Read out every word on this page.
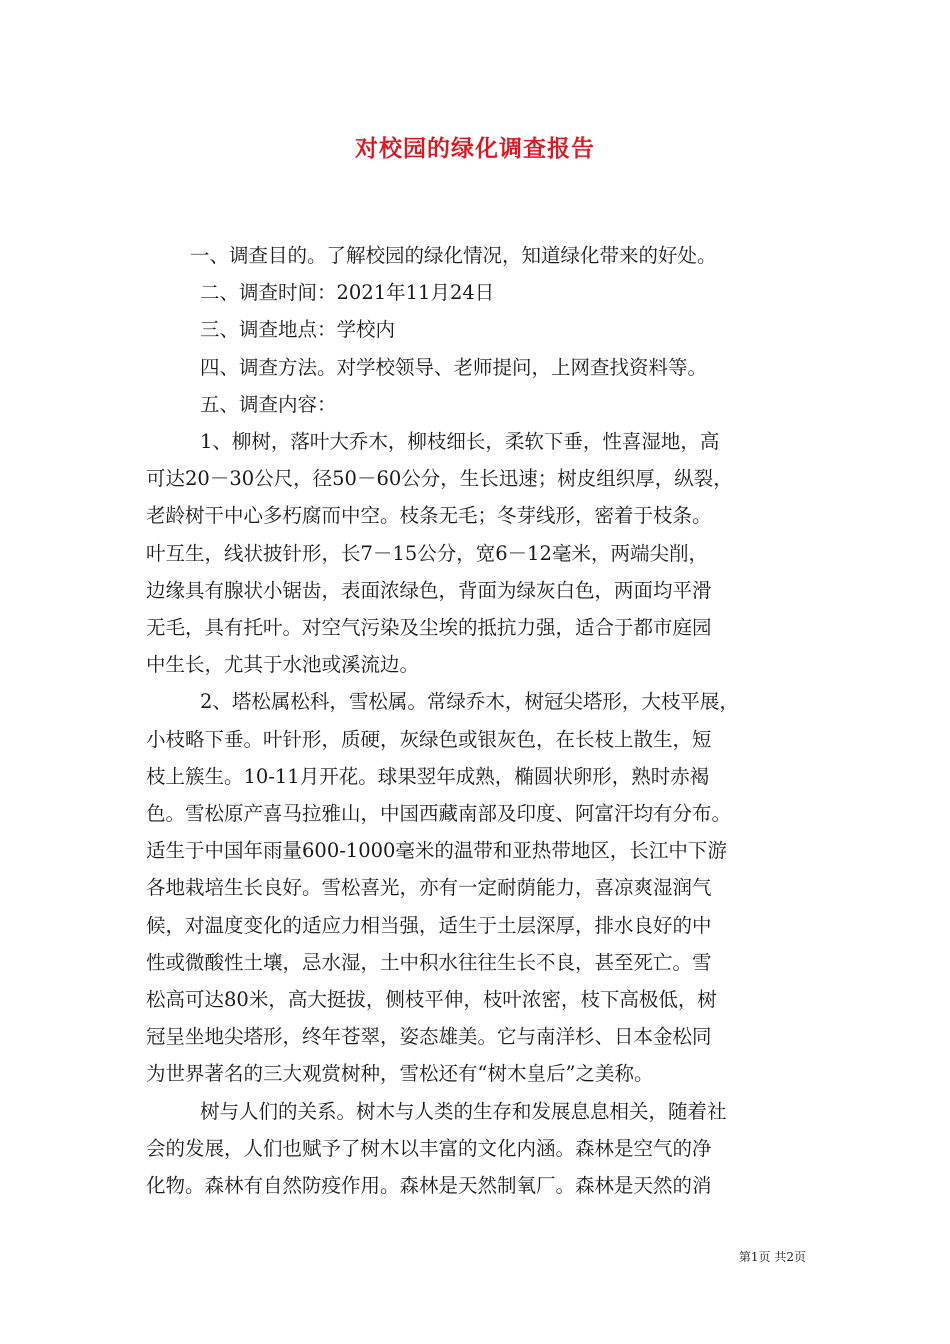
对校园的绿化调查报告

一、调查目的。了解校园的绿化情况，知道绿化带来的好处。

二、调查时间：2021年11月24日

三、调查地点：学校内

四、调查方法。对学校领导、老师提问，上网查找资料等。

五、调查内容：

1、柳树，落叶大乔木，柳枝细长，柔软下垂，性喜湿地，高

可达20－30公尺，径50－60公分，生长迅速；树皮组织厚，纵裂，

老龄树干中心多朽腐而中空。枝条无毛；冬芽线形，密着于枝条。

叶互生，线状披针形，长7－15公分，宽6－12毫米，两端尖削，

边缘具有腺状小锯齿，表面浓绿色，背面为绿灰白色，两面均平滑

无毛，具有托叶。对空气污染及尘埃的抵抗力强，适合于都市庭园

中生长，尤其于水池或溪流边。

2、塔松属松科，雪松属。常绿乔木，树冠尖塔形，大枝平展，

小枝略下垂。叶针形，质硬，灰绿色或银灰色，在长枝上散生，短

枝上簇生。10-11月开花。球果翌年成熟，椭圆状卵形，熟时赤褐

色。雪松原产喜马拉雅山，中国西藏南部及印度、阿富汗均有分布。

适生于中国年雨量600-1000毫米的温带和亚热带地区，长江中下游

各地栽培生长良好。雪松喜光，亦有一定耐荫能力，喜凉爽湿润气

候，对温度变化的适应力相当强，适生于土层深厚，排水良好的中

性或微酸性土壤，忌水湿，土中积水往往生长不良，甚至死亡。雪

松高可达80米，高大挺拔，侧枝平伸，枝叶浓密，枝下高极低，树

冠呈坐地尖塔形，终年苍翠，姿态雄美。它与南洋杉、日本金松同

为世界著名的三大观赏树种，雪松还有“树木皇后”之美称。

树与人们的关系。树木与人类的生存和发展息息相关，随着社

会的发展，人们也赋予了树木以丰富的文化内涵。森林是空气的净

化物。森林有自然防疫作用。森林是天然制氧厂。森林是天然的消

第1页 共2页
